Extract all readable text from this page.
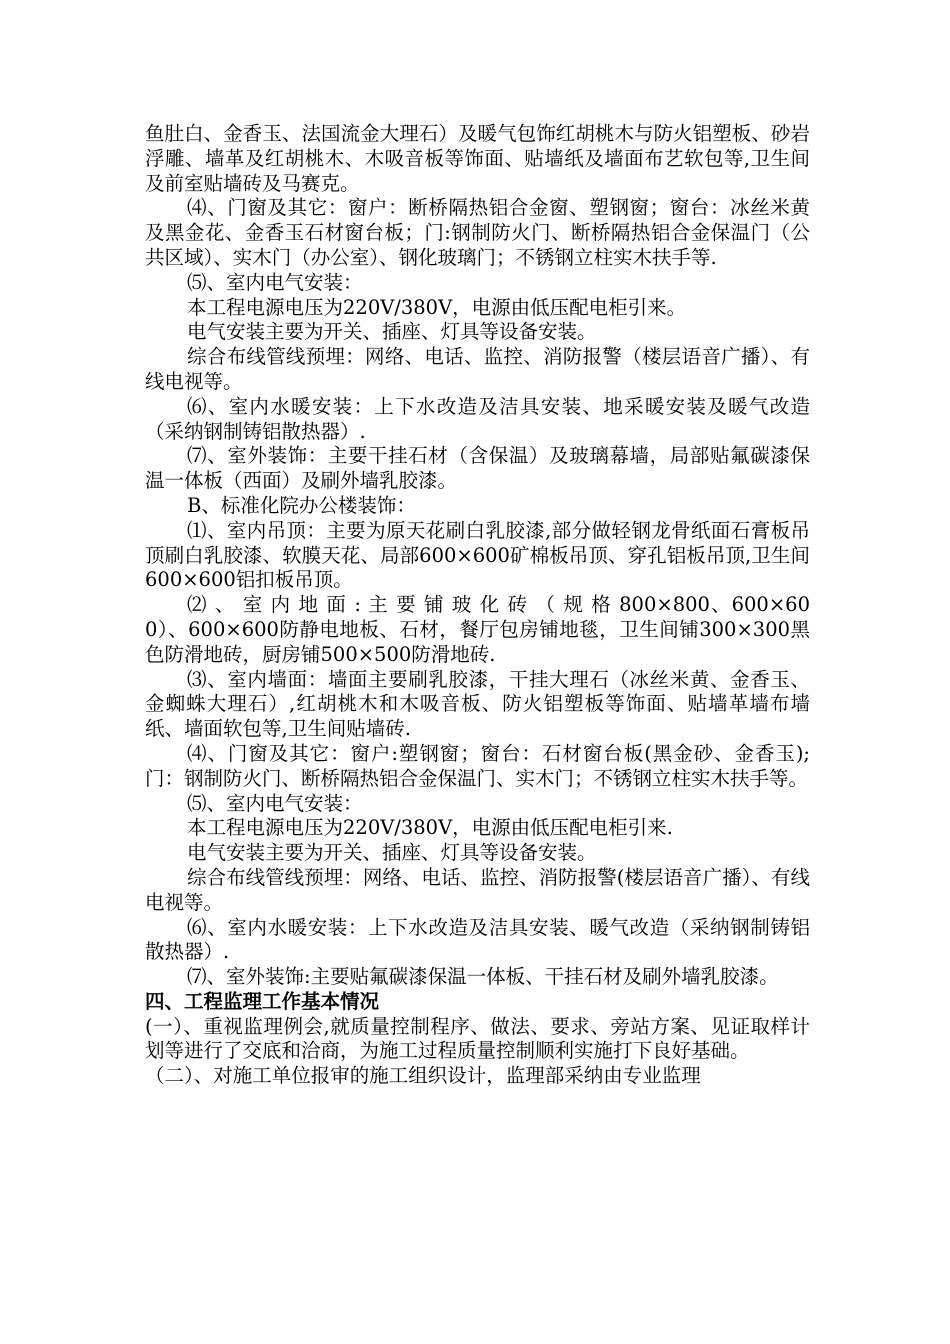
鱼肚白、金香玉、法国流金大理石）及暖气包饰红胡桃木与防火铝塑板、砂岩浮雕、墙革及红胡桃木、木吸音板等饰面、贴墙纸及墙面布艺软包等,卫生间及前室贴墙砖及马赛克。

⑷、门窗及其它：窗户：断桥隔热铝合金窗、塑钢窗；窗台：冰丝米黄及黑金花、金香玉石材窗台板；门:钢制防火门、断桥隔热铝合金保温门（公共区域）、实木门（办公室）、钢化玻璃门；不锈钢立柱实木扶手等.

⑸、室内电气安装：

本工程电源电压为220V/380V，电源由低压配电柜引来。

电气安装主要为开关、插座、灯具等设备安装。

综合布线管线预埋：网络、电话、监控、消防报警（楼层语音广播）、有线电视等。

⑹、室内水暖安装：上下水改造及洁具安装、地采暖安装及暖气改造（采纳钢制铸铝散热器）.

⑺、室外装饰：主要干挂石材（含保温）及玻璃幕墙，局部贴氟碳漆保温一体板（西面）及刷外墙乳胶漆。

B、标准化院办公楼装饰：

⑴、室内吊顶：主要为原天花刷白乳胶漆,部分做轻钢龙骨纸面石膏板吊顶刷白乳胶漆、软膜天花、局部600×600矿棉板吊顶、穿孔铝板吊顶,卫生间600×600铝扣板吊顶。

⑵ 、 室 内 地 面 : 主 要 铺 玻 化 砖 （ 规 格 800×800、600×600）、600×600防静电地板、石材，餐厅包房铺地毯，卫生间铺300×300黑色防滑地砖，厨房铺500×500防滑地砖.

⑶、室内墙面：墙面主要刷乳胶漆，干挂大理石（冰丝米黄、金香玉、金蜘蛛大理石）,红胡桃木和木吸音板、防火铝塑板等饰面、贴墙革墙布墙纸、墙面软包等,卫生间贴墙砖.

⑷、门窗及其它：窗户:塑钢窗；窗台：石材窗台板(黑金砂、金香玉);门：钢制防火门、断桥隔热铝合金保温门、实木门；不锈钢立柱实木扶手等。

⑸、室内电气安装：

本工程电源电压为220V/380V，电源由低压配电柜引来.

电气安装主要为开关、插座、灯具等设备安装。

综合布线管线预埋：网络、电话、监控、消防报警(楼层语音广播）、有线电视等。

⑹、室内水暖安装：上下水改造及洁具安装、暖气改造（采纳钢制铸铝散热器）.

⑺、室外装饰:主要贴氟碳漆保温一体板、干挂石材及刷外墙乳胶漆。

四、工程监理工作基本情况

(一）、重视监理例会,就质量控制程序、做法、要求、旁站方案、见证取样计划等进行了交底和洽商，为施工过程质量控制顺利实施打下良好基础。

（二）、对施工单位报审的施工组织设计，监理部采纳由专业监理
